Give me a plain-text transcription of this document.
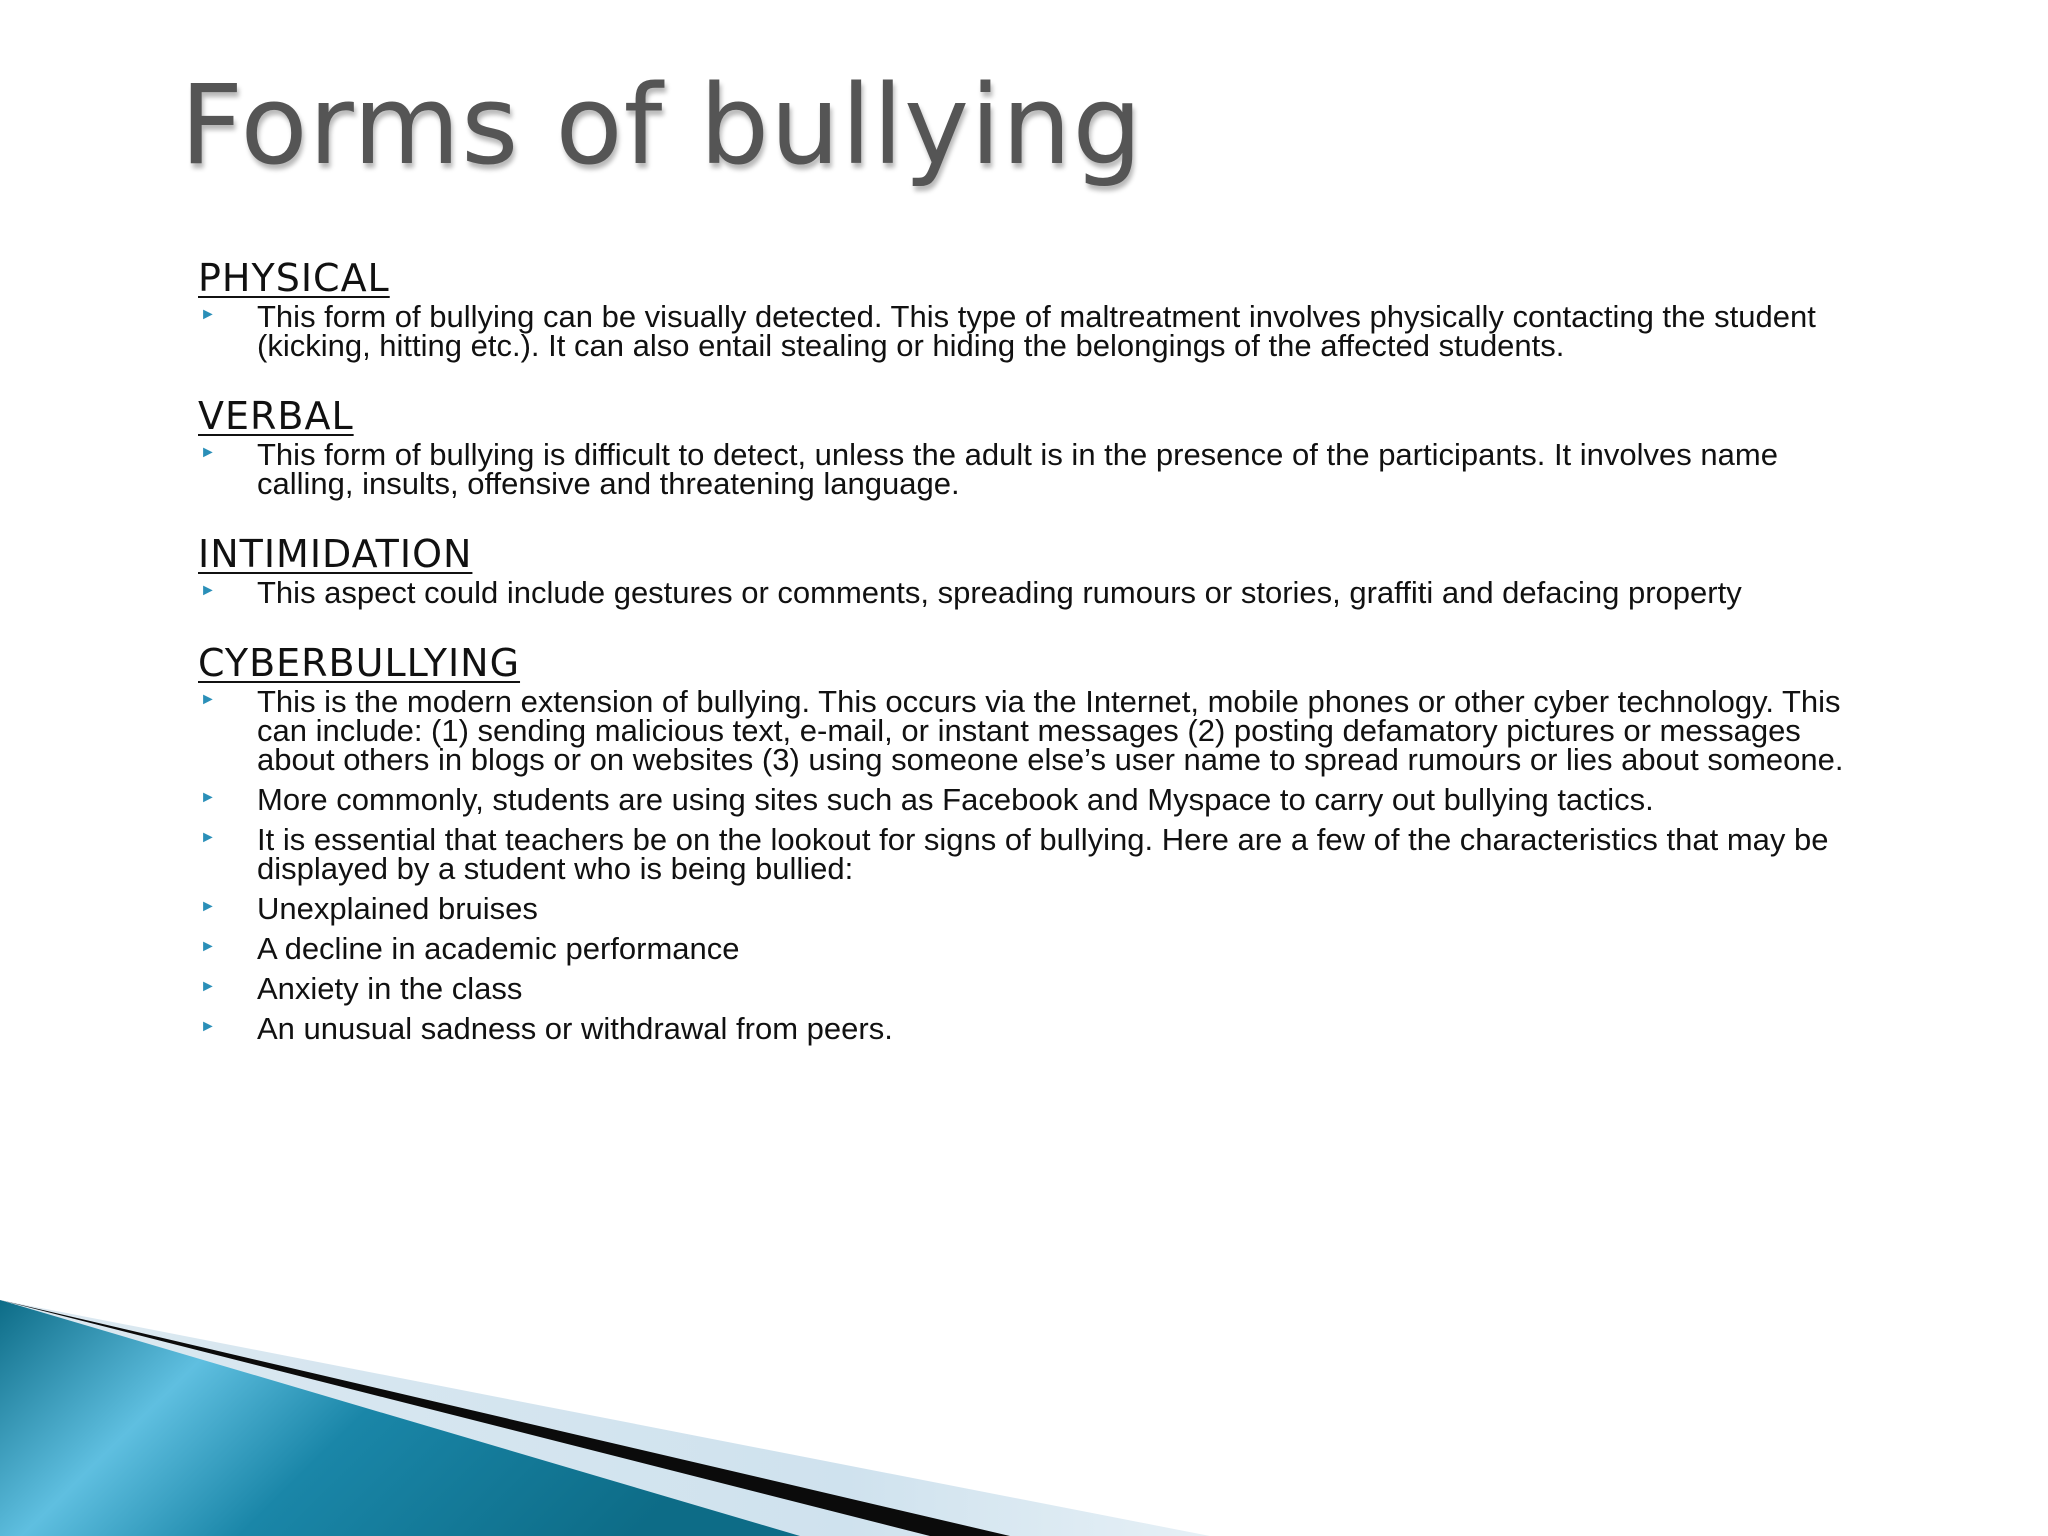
Forms of bullying
PHYSICAL
► This form of bullying can be visually detected. This type of maltreatment involves physically contacting the student (kicking, hitting etc.). It can also entail stealing or hiding the belongings of the affected students.
VERBAL
► This form of bullying is difficult to detect, unless the adult is in the presence of the participants. It involves name calling, insults, offensive and threatening language.
INTIMIDATION
► This aspect could include gestures or comments, spreading rumours or stories, graffiti and defacing property
CYBERBULLYING
► This is the modern extension of bullying. This occurs via the Internet, mobile phones or other cyber technology. This can include: (1) sending malicious text, e-mail, or instant messages (2) posting defamatory pictures or messages about others in blogs or on websites (3) using someone else’s user name to spread rumours or lies about someone.
► More commonly, students are using sites such as Facebook and Myspace to carry out bullying tactics.
► It is essential that teachers be on the lookout for signs of bullying. Here are a few of the characteristics that may be displayed by a student who is being bullied:
► Unexplained bruises
► A decline in academic performance
► Anxiety in the class
► An unusual sadness or withdrawal from peers.
